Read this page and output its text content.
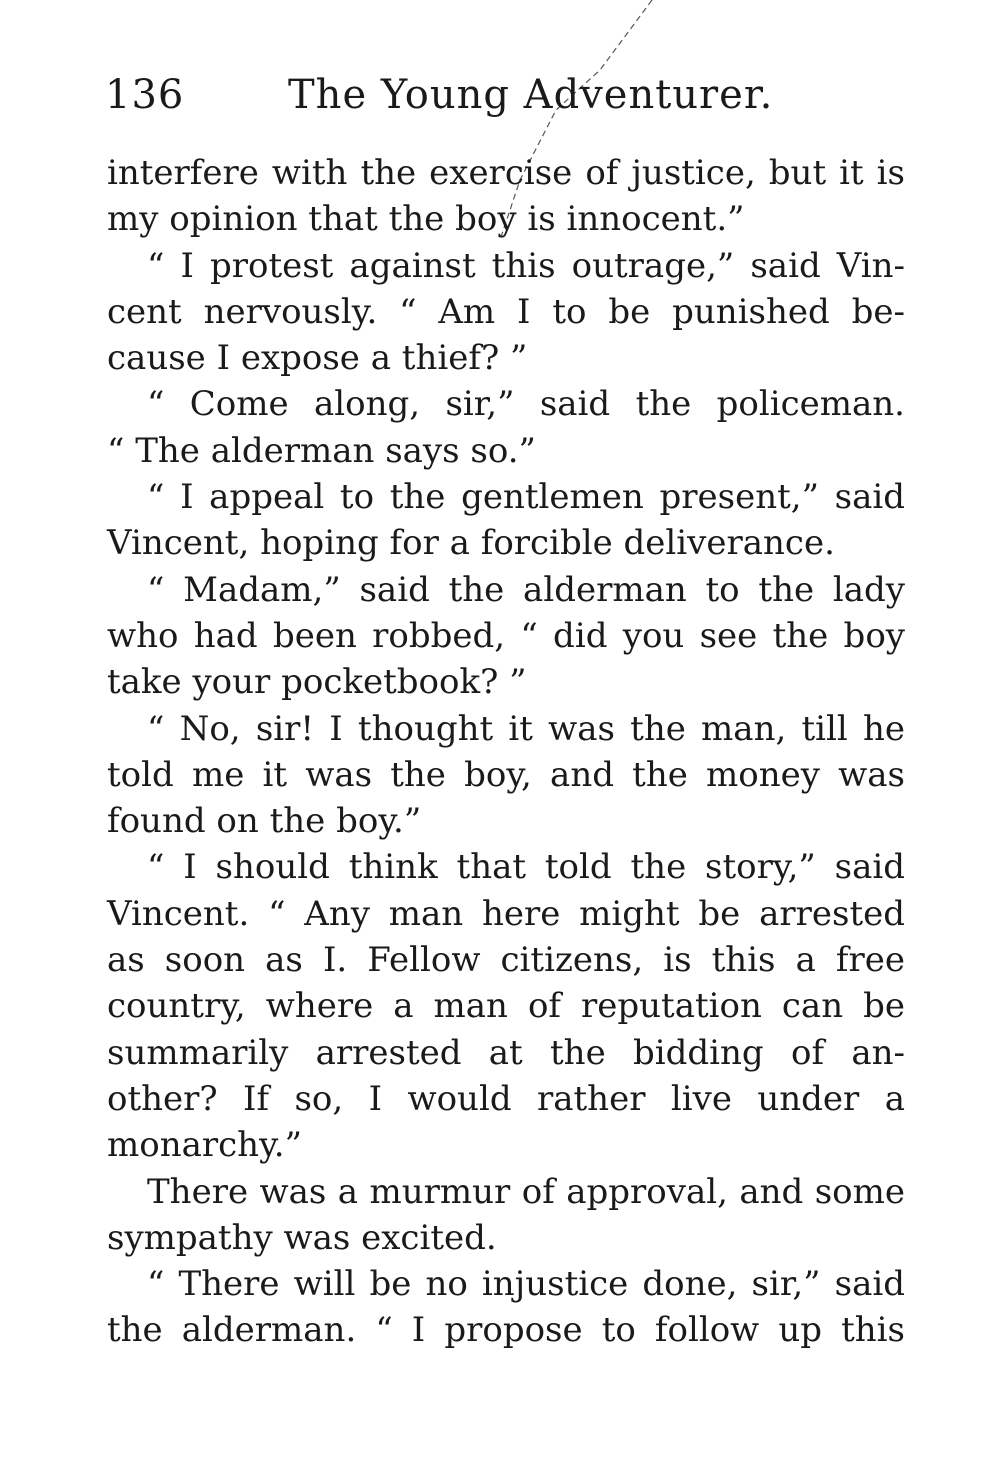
136	The Young Adventurer.
interfere with the exercise of justice, but it is
my opinion that the boy is innocent.”
“ I protest against this outrage,” said Vin-
cent nervously. “ Am I to be punished be-
cause I expose a thief? ”
“ Come along, sir,” said the policeman.
“ The alderman says so.”
“ I appeal to the gentlemen present,” said
Vincent, hoping for a forcible deliverance.
“ Madam,” said the alderman to the lady
who had been robbed, “ did you see the boy
take your pocketbook? ”
“ No, sir! I thought it was the man, till he
told me it was the boy, and the money was
found on the boy.”
“ I should think that told the story,” said
Vincent. “ Any man here might be arrested
as soon as I. Fellow citizens, is this a free
country, where a man of reputation can be
summarily arrested at the bidding of an-
other? If so, I would rather live under a
monarchy.”
There was a murmur of approval, and some
sympathy was excited.
“ There will be no injustice done, sir,” said
the alderman. “ I propose to follow up this
